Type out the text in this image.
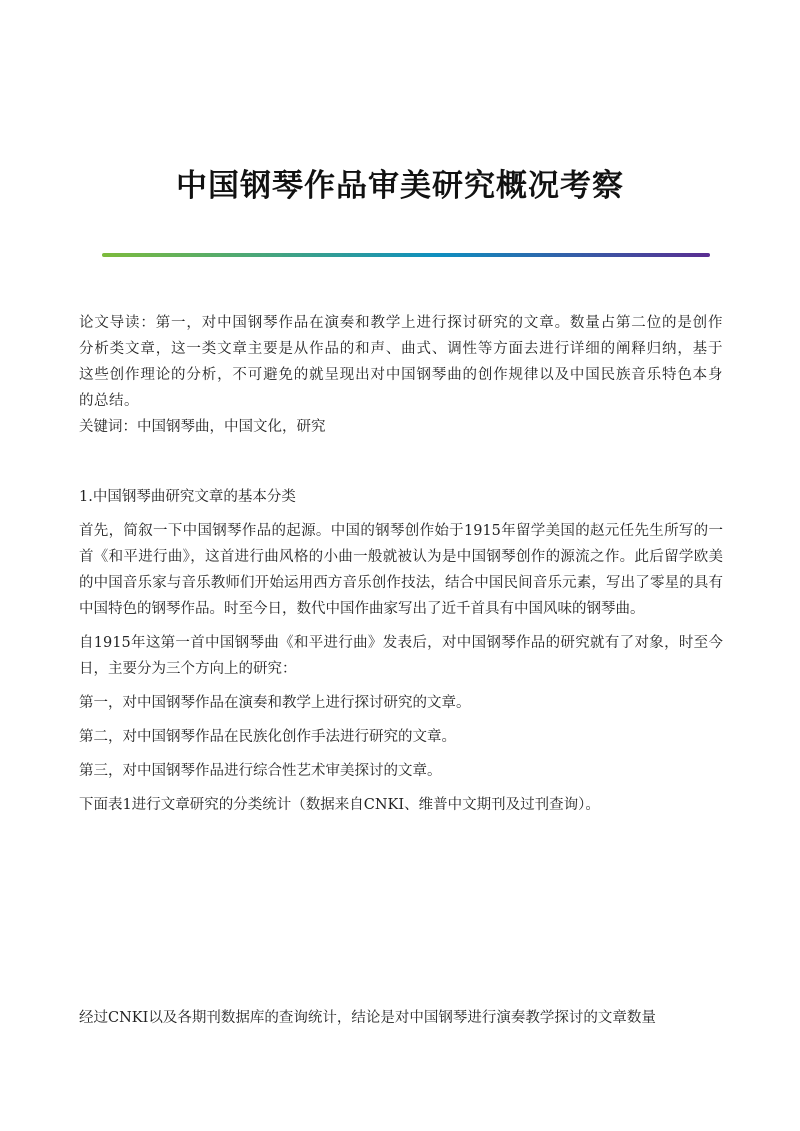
中国钢琴作品审美研究概况考察

论文导读：第一，对中国钢琴作品在演奏和教学上进行探讨研究的文章。数量占第二位的是创作分析类文章，这一类文章主要是从作品的和声、曲式、调性等方面去进行详细的阐释归纳，基于这些创作理论的分析，不可避免的就呈现出对中国钢琴曲的创作规律以及中国民族音乐特色本身的总结。

关键词：中国钢琴曲，中国文化，研究

1.中国钢琴曲研究文章的基本分类

首先，简叙一下中国钢琴作品的起源。中国的钢琴创作始于1915年留学美国的赵元任先生所写的一首《和平进行曲》，这首进行曲风格的小曲一般就被认为是中国钢琴创作的源流之作。此后留学欧美的中国音乐家与音乐教师们开始运用西方音乐创作技法，结合中国民间音乐元素，写出了零星的具有中国特色的钢琴作品。时至今日，数代中国作曲家写出了近千首具有中国风味的钢琴曲。

自1915年这第一首中国钢琴曲《和平进行曲》发表后，对中国钢琴作品的研究就有了对象，时至今日，主要分为三个方向上的研究：

第一，对中国钢琴作品在演奏和教学上进行探讨研究的文章。

第二，对中国钢琴作品在民族化创作手法进行研究的文章。

第三，对中国钢琴作品进行综合性艺术审美探讨的文章。

下面表1进行文章研究的分类统计（数据来自CNKI、维普中文期刊及过刊查询）。

经过CNKI以及各期刊数据库的查询统计，结论是对中国钢琴进行演奏教学探讨的文章数量
